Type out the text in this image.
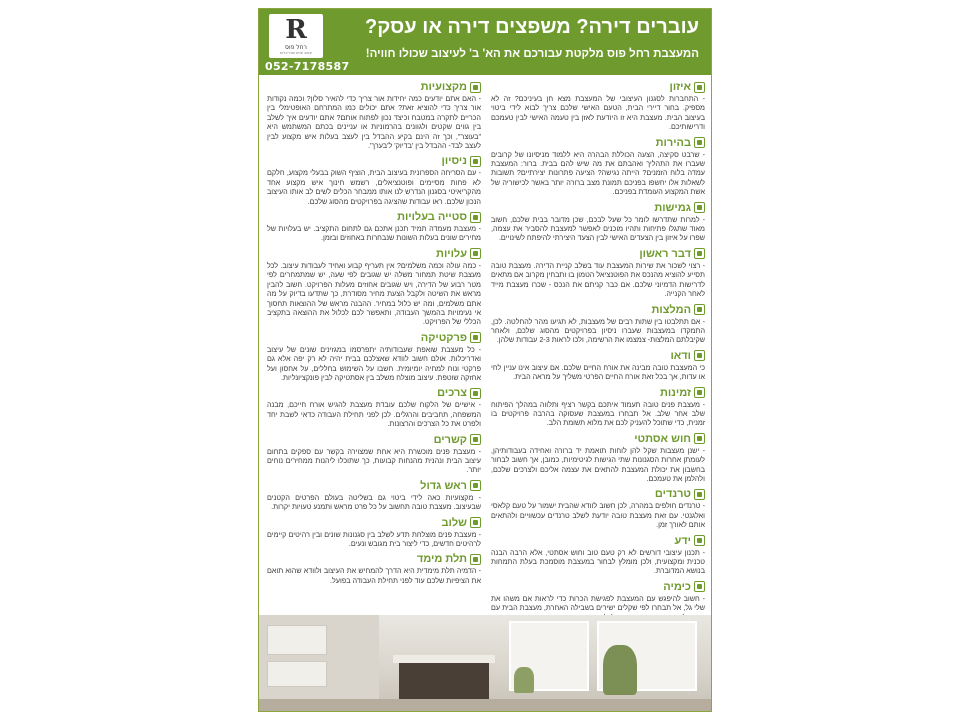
R
רחל פוס
עיצוב פנים ואדריכלות
052-7178587
עוברים דירה? משפצים דירה או עסק?
המעצבת רחל פוס מלקטת עבורכם את הא' ב' לעיצוב שכולו חוויה!
איזון
- התחברות לסגנון העיצובי של המעצבת מצא חן בעיניכם? זה לא מספיק. בחור דיירי הבית, הטעם האישי שלכם צריך לבוא לידי ביטוי בעיצוב הבית. מעצבת היא זו היודעת לאזן בין טעמה האישי לבין טעמכם ודרישותיכם.
בהירות
- שרבט סקיצה, הצעה הכוללת הבהרה היא ללמוד מניסיונו של קרובים שעברו את התהליך ואהבתם את מה שיש להם בבית. ברור: המעצבת עמדה בלוח הזמנים? הייתה נגישה? הציעה פתרונות יצירתיים? תשובות לשאלות אלו יחשפו בפניכם תמונת מצב ברורה יותר באשר לכישוריה של אשת המקצוע העומדת בפניכם.
גמישות
- למרות שתדרשו לומר כל שעל לבכם, שכן מדובר בבית שלכם, חשוב מאוד שתגלו פתיחות ותהיו מוכנים לאפשר למעצבת להסביר את עצמה, שפרו על איזון בין הצעדים האישי לבין הצעד היצירתי להיפתח לשינויים.
דבר ראשון
- רצוי לשכור את שירות המעצבת עוד בשלב קניית הדירה. מעצבת טובה תסייע להוציא מהנכס את הפוטנציאל הטמון בו ותבחין מקרוב אם מתאים לדרישות הדמיוני שלכם. אם כבר קניתם את הנכס - שכרו מעצבת מייד לאחר הקנייה.
המלצות
- אם תתלבטו בין שתות רבים של מעצבות, לא תגיעו מהר להחלטה. לכן, התמקדו במעצבות שעברו ניסיון בפרויקטים מהסוג שלכם, ולאחר שקיבלתם המלצות- צמצמו את הרשימה, ולכו לראות 2-3 עבודות שלהן.
ודאו
כי המעצבת טובה מבינה את אורח החיים שלכם. אם עיצוב אינו עניין לחי או עדות, אך בכל זאת אורח החיים הפרטי משליך על מראה הבית.
זמינות
- מעצבת פנים טובה תעמוד איתכם בקשר רציף ותלווה במהלך הפיתוח שלב אחר שלב. אל תבחרו במעצבת שעסוקה בהרבה פרויקטים בו זמנית, כדי שתוכל להעניק לכם את מלוא תשומת הלב.
חוש אסתטי
- ישנן מעצבות שקל להן לוחות תואמת יד ברורה ואחידה בעבודותיהן, לעומתן אחרות הסגנונות שתי הגישות לגיטימיות, כמובן, אך חשוב לבחור בחשבון את יכולת המעצבת להתאים את עצמה אליכם ולצרכים שלכם, ולהלמן את טעמכם.
טרנדים
- טרנדים חולפים במהרה, לכן חשוב לוודא שהבית ישמור על טעם קלאסי ואלגנטי. עם זאת מעצבת טובה יודעת לשלב טרנדים עכשוויים ולהתאים אותם לאורך זמן.
ידע
- תכנון עיצובי דורשים לא רק טעם טוב וחוש אסתטי, אלא הרבה הבנה טכנית ומקצועית, ולכן מומלץ לבחור במעצבת מוסמכת בעלת התמחות בנושא המדוברת.
כימיה
- חשוב להיפגש עם המעצבת לפגישת הכרות כדי לראות אם משהו את שלי גל, אל תבחרו לפי שקלים ישירים בשבילה האחרת, מעצבת הבית עם
מקצועיות
- האם אתם יודעים כמה יחידות אור צריך כדי להאיר סלון? וכמה נקודות אור צריך כדי להוציא זאת? אתם יכולים כמו המתרחם האופטימלי בין הכריים לתקרה במטבח וכיצד נכון לפתוח אותם? אתם יודעים איך לשלב בין גווים שקטים ולגוונים בהרמוניות או עניינים בכתם המשתמש היא "בעוצר", וכך זה הינם בקיע ההבדל בין לעצב בעלות איש מקצוע לבין לעצב לבד- ההבדל בין 'בדיוק' ל'בערך'.
ניסיון
- עם הסריחה הספרונית בעיצוב הבית, הוציף השוק בבעלי מקצוע, חלקם לא פחות מסיימים ופוטנציאלים, רשמש חינוך איש מקצוע אחד מהקריאיטי בסגנון הנדרש לנו אותו ממבחר הכלים לשים לב אותו העיצוב הנכון שלכם. ראו עבודות שהציגה בפרויקטים מהסוג שלכם.
סטייה בעלויות
- מעצבת מעמדה תמיד תכנן אתכם גם לתחום התקציב. יש בעלויות של מחירים שונים בעלות השונות שנבחרות באחוזים ובזמן.
עלויות
- כמה עולה וכמה משלמים? אין תעריף קבוע ואחיד לעבודות עיצוב. לכל מעצבת שיטת תמחור משלה יש שגובים לפי שעה, יש שמתמחרים לפי מטר רבוע של הדירה, ויש שגובים אחוזים מעלות הפרויקט. חשוב להבין מראש את השיטה ולקבל הצעת מחיר מסודרת, כך שתדעו בדיוק על מה אתם משלמים, ומה יש כלול במחיר. ההבנה מראש של ההוצאות תחסוך אי נעימויות בהמשך העבודה, ותאפשר לכם לכלול את ההוצאה בתקציב הכללי של הפרויקט.
פרקטיקה
- כל מעצבת שואפת שעבודותיה יתפרסמו במגזינים שונים של עיצוב ואדריכלות. אולם חשוב לוודא שאצלכם בבית יהיה לא רק יפה אלא גם פרקטי ונוח למחיה יומיומית. חשבו על השימוש בחללים, על אחסון ועל אחזקה שוטפת. עיצוב מוצלח משלב בין אסתטיקה לבין פונקציונליות.
צרכים
- אישיים של הלקוח שלכם עובדת מעצבת להגיש אורח חייכם, מבנה המשפחה, תחביבים והרגלים. לכן לפני תחילת העבודה כדאי לשבת יחד ולפרט את כל הצרכים והרצונות.
קשרים
- מעצבת פנים מוכשרת היא אחת שמצוירה בקשר עם ספקים בתחום עיצוב הבית ונהנית מהנחות קבועות, כך שתוכלו ליהנות ממחירים נוחים יותר.
ראש גדול
- מקצועיות כאה לידי ביטוי גם בשליטה בעולם הפרטים הקטנים שבעיצוב. מעצבת טובה תחשוב על כל פרט מראש ותמנע טעויות יקרות.
שלוב
- מעצבת פנים מוצלחת תדע לשלב בין סגנונות שונים ובין רהיטים קיימים לרהיטים חדשים, כדי ליצור בית מגובש ונעים.
תלת מימד
- הדמיה תלת מימדית היא הדרך להמחיש את העיצוב ולוודא שהוא תואם את הציפיות שלכם עוד לפני תחילת העבודה בפועל.
